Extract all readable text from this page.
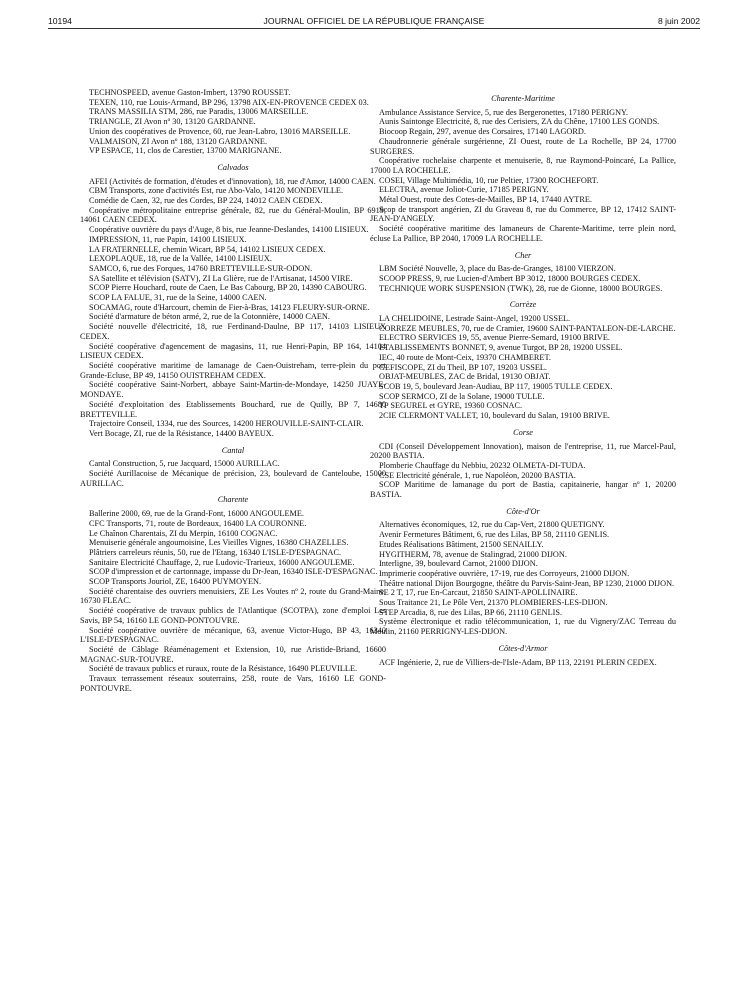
10194	JOURNAL OFFICIEL DE LA RÉPUBLIQUE FRANÇAISE	8 juin 2002
TECHNOSPEED, avenue Gaston-Imbert, 13790 ROUSSET.
TEXEN, 110, rue Louis-Armand, BP 296, 13798 AIX-EN-PROVENCE CEDEX 03.
TRANS MASSILIA STM, 286, rue Paradis, 13006 MARSEILLE.
TRIANGLE, ZI Avon nº 30, 13120 GARDANNE.
Union des coopératives de Provence, 60, rue Jean-Labro, 13016 MARSEILLE.
VALMAISON, ZI Avon nº 188, 13120 GARDANNE.
VP ESPACE, 11, clos de Carestier, 13700 MARIGNANE.
Calvados
AFEI (Activités de formation, d'études et d'innovation), 18, rue d'Amor, 14000 CAEN.
CBM Transports, zone d'activités Est, rue Abo-Valo, 14120 MONDEVILLE.
Comédie de Caen, 32, rue des Cordes, BP 224, 14012 CAEN CEDEX.
Coopérative métropolitaine entreprise générale, 82, rue du Général-Moulin, BP 6919, 14061 CAEN CEDEX.
Coopérative ouvrière du pays d'Auge, 8 bis, rue Jeanne-Deslandes, 14100 LISIEUX.
IMPRESSION, 11, rue Papin, 14100 LISIEUX.
LA FRATERNELLE, chemin Wicart, BP 54, 14102 LISIEUX CEDEX.
LEXOPLAQUE, 18, rue de la Vallée, 14100 LISIEUX.
SAMCO, 6, rue des Forques, 14760 BRETTEVILLE-SUR-ODON.
SA Satellite et télévision (SATV), ZI La Glière, rue de l'Artisanat, 14500 VIRE.
SCOP Pierre Houchard, route de Caen, Le Bas Cabourg, BP 20, 14390 CABOURG.
SCOP LA FALUE, 31, rue de la Seine, 14000 CAEN.
SOCAMAG, route d'Harcourt, chemin de Fier-à-Bras, 14123 FLEURY-SUR-ORNE.
Société d'armature de béton armé, 2, rue de la Cotonnière, 14000 CAEN.
Société nouvelle d'électricité, 18, rue Ferdinand-Daulne, BP 117, 14103 LISIEUX CEDEX.
Société coopérative d'agencement de magasins, 11, rue Henri-Papin, BP 164, 14104 LISIEUX CEDEX.
Société coopérative maritime de lamanage de Caen-Ouistreham, terre-plein du port Grande-Ecluse, BP 49, 14150 OUISTREHAM CEDEX.
Société coopérative Saint-Norbert, abbaye Saint-Martin-de-Mondaye, 14250 JUAYE-MONDAYE.
Société d'exploitation des Etablissements Bouchard, rue de Quilly, BP 7, 14680 BRETTEVILLE.
Trajectoire Conseil, 1334, rue des Sources, 14200 HEROUVILLE-SAINT-CLAIR.
Vert Bocage, ZI, rue de la Résistance, 14400 BAYEUX.
Cantal
Cantal Construction, 5, rue Jacquard, 15000 AURILLAC.
Société Aurillacoise de Mécanique de précision, 23, boulevard de Canteloube, 15000 AURILLAC.
Charente
Ballerine 2000, 69, rue de la Grand-Font, 16000 ANGOULEME.
CFC Transports, 71, route de Bordeaux, 16400 LA COURONNE.
Le Chaînon Charentais, ZI du Merpin, 16100 COGNAC.
Menuiserie générale angoumoisine, Les Vieilles Vignes, 16380 CHAZELLES.
Plâtriers carreleurs réunis, 50, rue de l'Etang, 16340 L'ISLE-D'ESPAGNAC.
Sanitaire Electricité Chauffage, 2, rue Ludovic-Trarieux, 16000 ANGOULEME.
SCOP d'impression et de cartonnage, impasse du Dr-Jean, 16340 ISLE-D'ESPAGNAC.
SCOP Transports Jouriol, ZE, 16400 PUYMOYEN.
Société charentaise des ouvriers menuisiers, ZE Les Voutes nº 2, route du Grand-Maine, 16730 FLEAC.
Société coopérative de travaux publics de l'Atlantique (SCOTPA), zone d'emploi Les Savis, BP 54, 16160 LE GOND-PONTOUVRE.
Société coopérative ouvrière de mécanique, 63, avenue Victor-Hugo, BP 43, 16340 L'ISLE-D'ESPAGNAC.
Société de Câblage Réaménagement et Extension, 10, rue Aristide-Briand, 16600 MAGNAC-SUR-TOUVRE.
Société de travaux publics et ruraux, route de la Résistance, 16490 PLEUVILLE.
Travaux terrassement réseaux souterrains, 258, route de Vars, 16160 LE GOND-PONTOUVRE.
Charente-Maritime
Ambulance Assistance Service, 5, rue des Bergeronettes, 17180 PERIGNY.
Aunis Saintonge Electricité, 8, rue des Cerisiers, ZA du Chêne, 17100 LES GONDS.
Biocoop Regain, 297, avenue des Corsaires, 17140 LAGORD.
Chaudronnerie générale surgérienne, ZI Ouest, route de La Rochelle, BP 24, 17700 SURGERES.
Coopérative rochelaise charpente et menuiserie, 8, rue Raymond-Poincaré, La Pallice, 17000 LA ROCHELLE.
COSEI, Village Multimédia, 10, rue Peltier, 17300 ROCHEFORT.
ELECTRA, avenue Joliot-Curie, 17185 PERIGNY.
Métal Ouest, route des Cotes-de-Mailles, BP 14, 17440 AYTRE.
Scop de transport angérien, ZI du Graveau 8, rue du Commerce, BP 12, 17412 SAINT-JEAN-D'ANGELY.
Société coopérative maritime des lamaneurs de Charente-Maritime, terre plein nord, écluse La Pallice, BP 2040, 17009 LA ROCHELLE.
Cher
LBM Société Nouvelle, 3, place du Bas-de-Granges, 18100 VIERZON.
SCOOP PRESS, 9, rue Lucien-d'Ambert BP 3012, 18000 BOURGES CEDEX.
TECHNIQUE WORK SUSPENSION (TWK), 28, rue de Gionne, 18000 BOURGES.
Corrèze
LA CHELIDOINE, Lestrade Saint-Angel, 19200 USSEL.
CORREZE MEUBLES, 70, rue de Cramier, 19600 SAINT-PANTALEON-DE-LARCHE.
ELECTRO SERVICES 19, 55, avenue Pierre-Semard, 19100 BRIVE.
ETABLISSEMENTS BONNET, 9, avenue Turgot, BP 28, 19200 USSEL.
IEC, 40 route de Mont-Ceix, 19370 CHAMBERET.
GEFISCOPE, ZI du Theil, BP 107, 19203 USSEL.
OBJAT-MEUBLES, ZAC de Bridal, 19130 OBJAT.
SCOB 19, 5, boulevard Jean-Audiau, BP 117, 19005 TULLE CEDEX.
SCOP SERMCO, ZI de la Solane, 19000 TULLE.
TP SEGUREL et GYRE, 19360 COSNAC.
2CIE CLERMONT VALLET, 10, boulevard du Salan, 19100 BRIVE.
Corse
CDI (Conseil Développement Innovation), maison de l'entreprise, 11, rue Marcel-Paul, 20200 BASTIA.
Plomberie Chauffage du Nebbiu, 20232 OLMETA-DI-TUDA.
CSE Electricité générale, 1, rue Napoléon, 20200 BASTIA.
SCOP Maritime de lamanage du port de Bastia, capitainerie, hangar nº 1, 20200 BASTIA.
Côte-d'Or
Alternatives économiques, 12, rue du Cap-Vert, 21800 QUETIGNY.
Avenir Fermetures Bâtiment, 6, rue des Lilas, BP 58, 21110 GENLIS.
Etudes Réalisations Bâtiment, 21500 SENAILLY.
HYGITHERM, 78, avenue de Stalingrad, 21000 DIJON.
Interligne, 39, boulevard Carnot, 21000 DIJON.
Imprimerie coopérative ouvrière, 17-19, rue des Corroyeurs, 21000 DIJON.
Théâtre national Dijon Bourgogne, théâtre du Parvis-Saint-Jean, BP 1230, 21000 DIJON.
SE 2 T, 17, rue En-Carcaut, 21850 SAINT-APOLLINAIRE.
Sous Traitance 21, Le Pôle Vert, 21370 PLOMBIERES-LES-DIJON.
STEP Arcadia, 8, rue des Lilas, BP 66, 21110 GENLIS.
Système électronique et radio télécommunication, 1, rue du Vignery/ZAC Terreau du Moulin, 21160 PERRIGNY-LES-DIJON.
Côtes-d'Armor
ACF Ingénierie, 2, rue de Villiers-de-l'Isle-Adam, BP 113, 22191 PLERIN CEDEX.
